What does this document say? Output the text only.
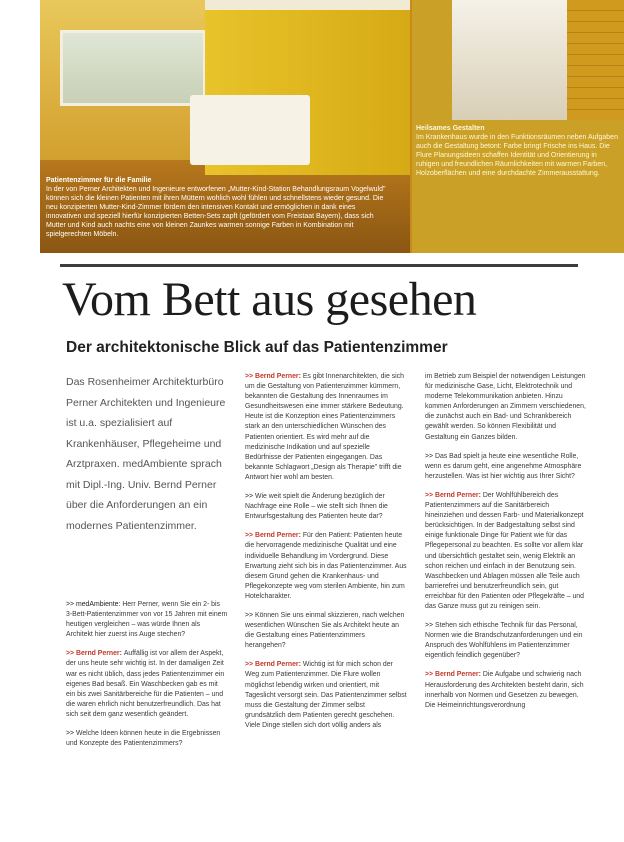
Patientenzimmer für die Familie
In der von Perner Architekten und Ingenieure entworfenen „Mutter-Kind-Station Behandlungsraum Vogelwuld" können sich die kleinen Patienten mit ihren Müttern wohlich wohl fühlen und schnellstens wieder gesund. Die neu konzipierten Mutter-Kind-Zimmer fördern den intensiven Kontakt und ermöglichen in dank eines innovativen und speziell hierfür konzipierten Betten-Sets zapft (gefördert vom Freistaat Bayern), dass sich Mutter und Kind auch nachts eine von kleinen Zaunkes warmen sonnige Farben in Kombination mit spielgerechten Möbeln.
Heilsames Gestalten
Im Krankenhaus wurde in den Funktionsräumen neben Aufgaben auch die Gestaltung betont: Farbe bringt Frische ins Haus. Die Flure Planungsideen schaffen Identität und Orientierung in ruhigen und freundlichen Räumlichkeiten mit warmen Farben, Holzoberflächen und eine durchdachte Zimmerausstattung.
Vom Bett aus gesehen
Der architektonische Blick auf das Patientenzimmer
Das Rosenheimer Architekturbüro Perner Architekten und Ingenieure ist u.a. spezialisiert auf Krankenhäuser, Pflegeheime und Arztpraxen. medAmbiente sprach mit Dipl.-Ing. Univ. Bernd Perner über die Anforderungen an ein modernes Patientenzimmer.

>> medAmbiente: Herr Perner, wenn Sie ein 2- bis 3-Bett-Patientenzimmer von vor 15 Jahren mit einem heutigen vergleichen – was würde Ihnen als Architekt hier zuerst ins Auge stechen?

>> Bernd Perner: Auffällig ist vor allem der Aspekt, der uns heute sehr wichtig ist. In der damaligen Zeit war es nicht üblich, dass jedes Patientenzimmer ein eigenes Bad besaß. Ein Waschbecken gab es mit ein bis zwei Sanitärbereiche für die Patienten – und die waren ehrlich nicht benutzerfreundlich. Das hat sich seit dem ganz wesentlich geändert.

>> Welche Ideen können heute in die Ergebnissen und Konzepte des Patientenzimmers?

>> Bernd Perner: Es gibt Innenarchitekten, die sich um die Gestaltung von Patientenzimmer kümmern, bekannten die Gestaltung des Innenraumes im Gesundheitswesen eine immer stärkere Bedeutung. Heute ist die Konzeption eines Patientenzimmers stark an den unterschiedlichen Wünschen des Patienten orientiert. Es wird mehr auf die medizinische Indikation und auf spezielle Bedürfnisse der Patienten eingegangen. Das bekannte Schlagwort „Design als Therapie" trifft die Antwort hier wohl am besten.

>> Wie weit spielt die Änderung bezüglich der Nachfrage eine Rolle – wie stellt sich Ihnen die Entwurfsgestaltung des Patienten heute dar?

>> Bernd Perner: Für den Patient: Patienten heute die hervorragende medizinische Qualität und eine individuelle Behandlung im Vordergrund. Diese Erwartung zieht sich bis in das Patientenzimmer. Aus diesem Grund gehen die Krankenhaus- und Pflegekonzepte weg vom sterilen Ambiente, hin zum Hotelcharakter.

>> Können Sie uns einmal skizzieren, nach welchen wesentlichen Wünschen Sie als Architekt heute an die Gestaltung eines Patientenzimmers herangehen?

>> Bernd Perner: Wichtig ist für mich schon der Weg zum Patientenzimmer. Die Flure wollen möglichst lebendig wirken und orientiert, mit Tageslicht versorgt sein. Das Patientenzimmer selbst muss die Gestaltung der Zimmer selbst grundsätzlich dem Patienten gerecht geschehen. Viele Dinge stellen sich dort völlig anders als

im Betrieb zum Beispiel der notwendigen Leistungen für medizinische Gase, Licht, Elektrotechnik und moderne Telekommunikation anbieten. Hinzu kommen Anforderungen an Zimmern verschiedenen, die zunächst auch ein Bad- und Schrankbereich gewählt werden. So können Flexibilität und Gestaltung ein Ganzes bilden.

>> Das Bad spielt ja heute eine wesentliche Rolle, wenn es darum geht, eine angenehme Atmosphäre herzustellen. Was ist hier wichtig aus Ihrer Sicht?

>> Bernd Perner: Der Wohlfühlbereich des Patientenzimmers auf die Sanitärbereich hineinziehen und dessen Farb- und Materialkonzept berücksichtigen. In der Badgestaltung selbst sind einige funktionale Dinge für Patient wie für das Pflegepersonal zu beachten. Es sollte vor allem klar und übersichtlich gestaltet sein, wenig Elektrik an schon reichen und einfach in der Benutzung sein. Waschbecken und Ablagen müssen alle Teile auch barrierefrei und benutzerfreundlich sein, gut erreichbar für den Patienten oder Pflegekräfte – und das Ganze muss gut zu reinigen sein.

>> Stehen sich ethische Technik für das Personal, Normen wie die Brandschutzanforderungen und ein Anspruch des Wohlfühlens im Patientenzimmer eigentlich feindlich gegenüber?

>> Bernd Perner: Die Aufgabe und schwierig nach Herausforderung des Architekten besteht darin, sich innerhalb von Normen und Gesetzen zu bewegen. Die Heimeinrichtungsverordnung
